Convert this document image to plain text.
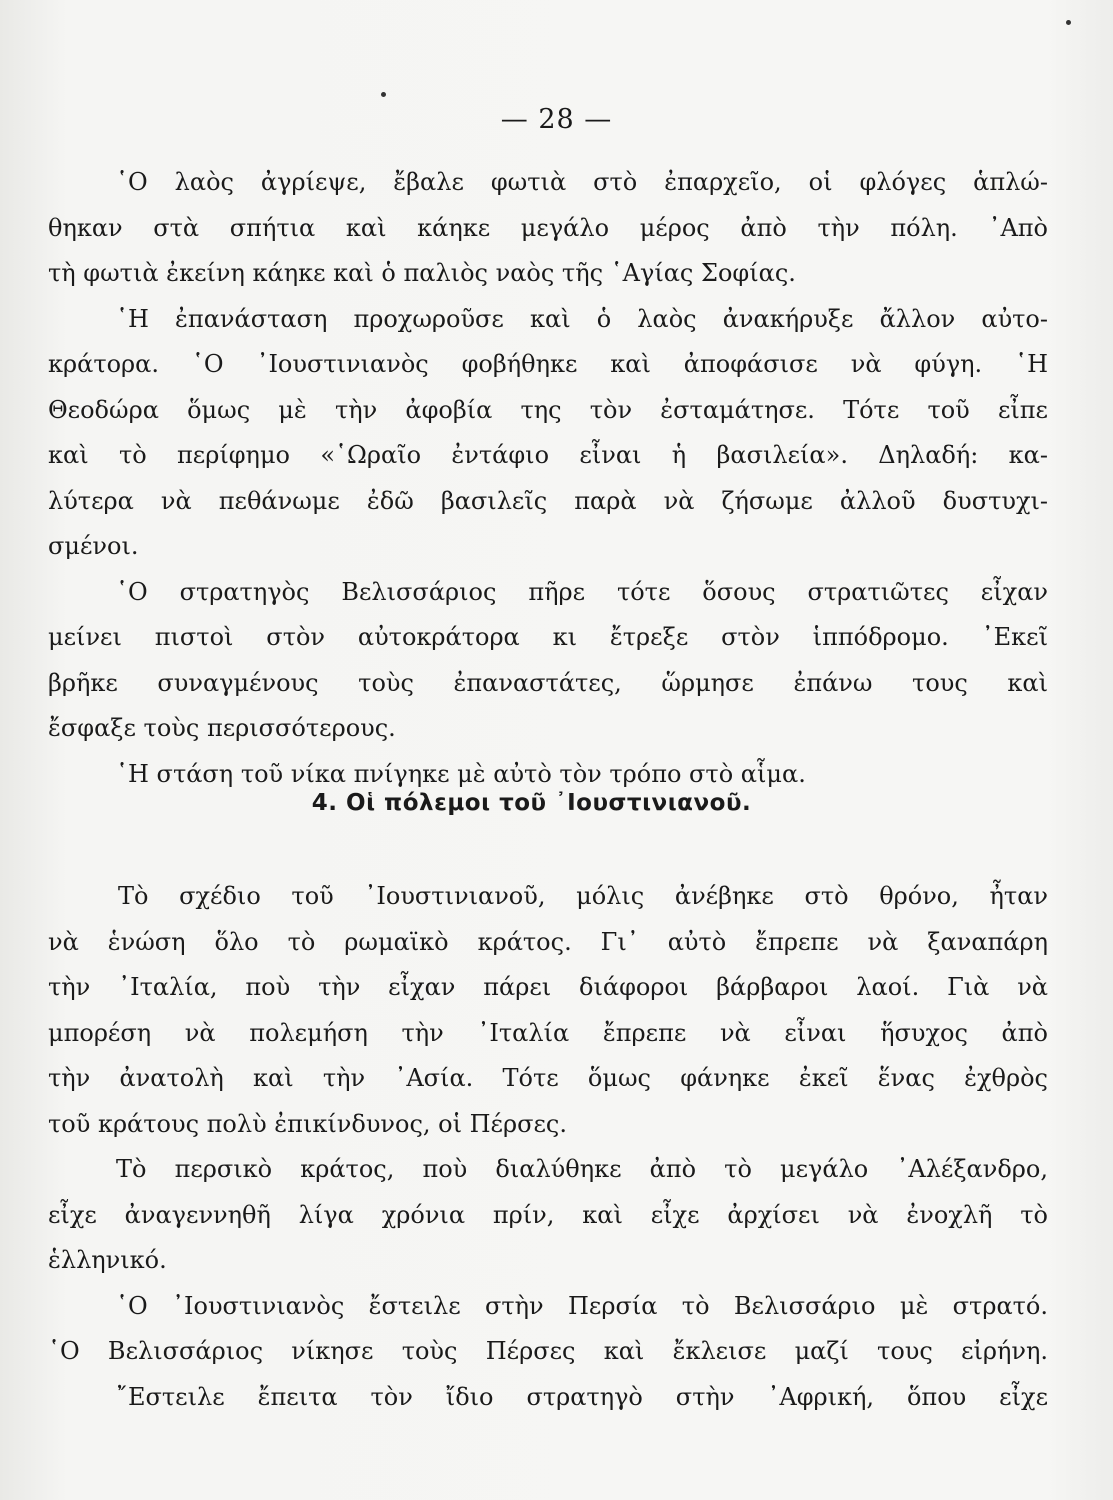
— 28 —
῾Ο λαὸς ἀγρίεψε, ἔβαλε φωτιὰ στὸ ἐπαρχεῖο, οἱ φλόγες ἁπλώ-
θηκαν στὰ σπήτια καὶ κάηκε μεγάλο μέρος ἀπὸ τὴν πόλη. ᾿Απὸ
τὴ φωτιὰ ἐκείνη κάηκε καὶ ὁ παλιὸς ναὸς τῆς ῾Αγίας Σοφίας.
῾Η ἐπανάσταση προχωροῦσε καὶ ὁ λαὸς ἀνακήρυξε ἄλλον αὐτο-
κράτορα. ῾Ο ᾿Ιουστινιανὸς φοβήθηκε καὶ ἀποφάσισε νὰ φύγη. ῾Η
Θεοδώρα ὅμως μὲ τὴν ἀφοβία της τὸν ἐσταμάτησε. Τότε τοῦ εἶπε
καὶ τὸ περίφημο «῾Ωραῖο ἐντάφιο εἶναι ἡ βασιλεία». Δηλαδή: κα-
λύτερα νὰ πεθάνωμε ἐδῶ βασιλεῖς παρὰ νὰ ζήσωμε ἀλλοῦ δυστυχι-
σμένοι.
῾Ο στρατηγὸς Βελισσάριος πῆρε τότε ὅσους στρατιῶτες εἶχαν
μείνει πιστοὶ στὸν αὐτοκράτορα κι ἔτρεξε στὸν ἱππόδρομο. ᾿Εκεῖ
βρῆκε συναγμένους τοὺς ἐπαναστάτες, ὥρμησε ἐπάνω τους καὶ
ἔσφαξε τοὺς περισσότερους.
῾Η στάση τοῦ νίκα πνίγηκε μὲ αὐτὸ τὸν τρόπο στὸ αἷμα.
4. Οἱ πόλεμοι τοῦ ᾿Ιουστινιανοῦ.
Τὸ σχέδιο τοῦ ᾿Ιουστινιανοῦ, μόλις ἀνέβηκε στὸ θρόνο, ἦταν
νὰ ἑνώση ὅλο τὸ ρωμαϊκὸ κράτος. Γι᾿ αὐτὸ ἔπρεπε νὰ ξαναπάρη
τὴν ᾿Ιταλία, ποὺ τὴν εἶχαν πάρει διάφοροι βάρβαροι λαοί. Γιὰ νὰ
μπορέση νὰ πολεμήση τὴν ᾿Ιταλία ἔπρεπε νὰ εἶναι ἥσυχος ἀπὸ
τὴν ἀνατολὴ καὶ τὴν ᾿Ασία. Τότε ὅμως φάνηκε ἐκεῖ ἕνας ἐχθρὸς
τοῦ κράτους πολὺ ἐπικίνδυνος, οἱ Πέρσες.
Τὸ περσικὸ κράτος, ποὺ διαλύθηκε ἀπὸ τὸ μεγάλο ᾿Αλέξανδρο,
εἶχε ἀναγεννηθῆ λίγα χρόνια πρίν, καὶ εἶχε ἀρχίσει νὰ ἐνοχλῆ τὸ
ἑλληνικό.
῾Ο ᾿Ιουστινιανὸς ἔστειλε στὴν Περσία τὸ Βελισσάριο μὲ στρατό.
῾Ο Βελισσάριος νίκησε τοὺς Πέρσες καὶ ἔκλεισε μαζί τους εἰρήνη.
῎Εστειλε ἔπειτα τὸν ἴδιο στρατηγὸ στὴν ᾿Αφρική, ὅπου εἶχε
